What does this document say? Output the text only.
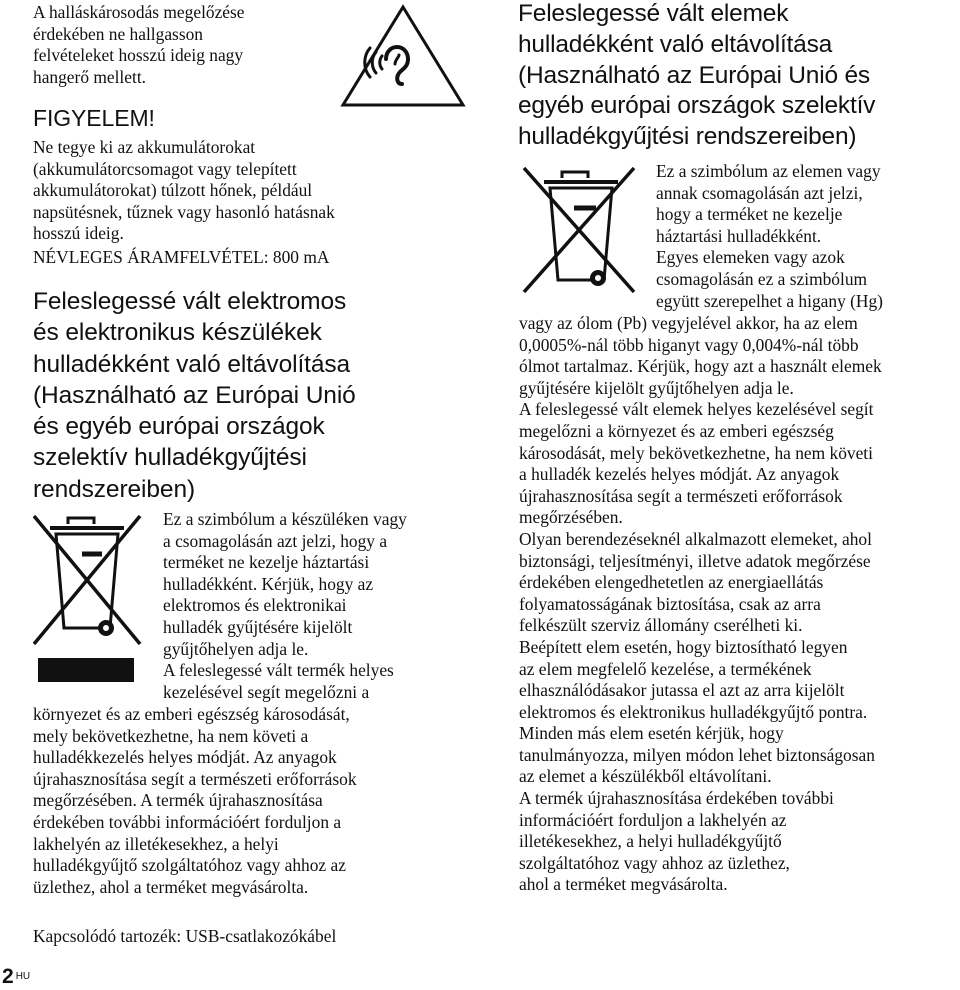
A halláskárosodás megelőzése

érdekében ne hallgasson

felvételeket hosszú ideig nagy

hangerő mellett.

FIGYELEM!

Ne tegye ki az akkumulátorokat

(akkumulátorcsomagot vagy telepített

akkumulátorokat) túlzott hőnek, például

napsütésnek, tűznek vagy hasonló hatásnak

hosszú ideig.

NÉVLEGES ÁRAMFELVÉTEL: 800 mA

Feleslegessé vált elektromos

és elektronikus készülékek

hulladékként való eltávolítása

(Használható az Európai Unió

és egyéb európai országok

szelektív hulladékgyűjtési

rendszereiben)

Ez a szimbólum a készüléken vagy

a csomagolásán azt jelzi, hogy a

terméket ne kezelje háztartási

hulladékként. Kérjük, hogy az

elektromos és elektronikai

hulladék gyűjtésére kijelölt

gyűjtőhelyen adja le.

A feleslegessé vált termék helyes

kezelésével segít megelőzni a

környezet és az emberi egészség károsodását,

mely bekövetkezhetne, ha nem követi a

hulladékkezelés helyes módját. Az anyagok

újrahasznosítása segít a természeti erőforrások

megőrzésében. A termék újrahasznosítása

érdekében további információért forduljon a

lakhelyén az illetékesekhez, a helyi

hulladékgyűjtő szolgáltatóhoz vagy ahhoz az

üzlethez, ahol a terméket megvásárolta.

Kapcsolódó tartozék: USB-csatlakozókábel
2 $^{HU}$

Feleslegessé vált elemek

hulladékként való eltávolítása

(Használható az Európai Unió és

egyéb európai országok szelektív

hulladékgyűjtési rendszereiben)

Ez a szimbólum az elemen vagy

annak csomagolásán azt jelzi,

hogy a terméket ne kezelje

háztartási hulladékként.

Egyes elemeken vagy azok

csomagolásán ez a szimbólum

együtt szerepelhet a higany (Hg)

vagy az ólom (Pb) vegyjelével akkor, ha az elem

0,0005%-nál több higanyt vagy 0,004%-nál több

ólmot tartalmaz. Kérjük, hogy azt a használt elemek

gyűjtésére kijelölt gyűjtőhelyen adja le.

A feleslegessé vált elemek helyes kezelésével segít

megelőzni a környezet és az emberi egészség

károsodását, mely bekövetkezhetne, ha nem követi

a hulladék kezelés helyes módját. Az anyagok

újrahasznosítása segít a természeti erőforrások

megőrzésében.

Olyan berendezéseknél alkalmazott elemeket, ahol

biztonsági, teljesítményi, illetve adatok megőrzése

érdekében elengedhetetlen az energiaellátás

folyamatosságának biztosítása, csak az arra

felkészült szerviz állomány cserélheti ki.

Beépített elem esetén, hogy biztosítható legyen

az elem megfelelő kezelése, a termékének

elhasználódásakor jutassa el azt az arra kijelölt

elektromos és elektronikus hulladékgyűjtő pontra.

Minden más elem esetén kérjük, hogy

tanulmányozza, milyen módon lehet biztonságosan

az elemet a készülékből eltávolítani.

A termék újrahasznosítása érdekében további

információért forduljon a lakhelyén az

illetékesekhez, a helyi hulladékgyűjtő

szolgáltatóhoz vagy ahhoz az üzlethez,

ahol a terméket megvásárolta.
